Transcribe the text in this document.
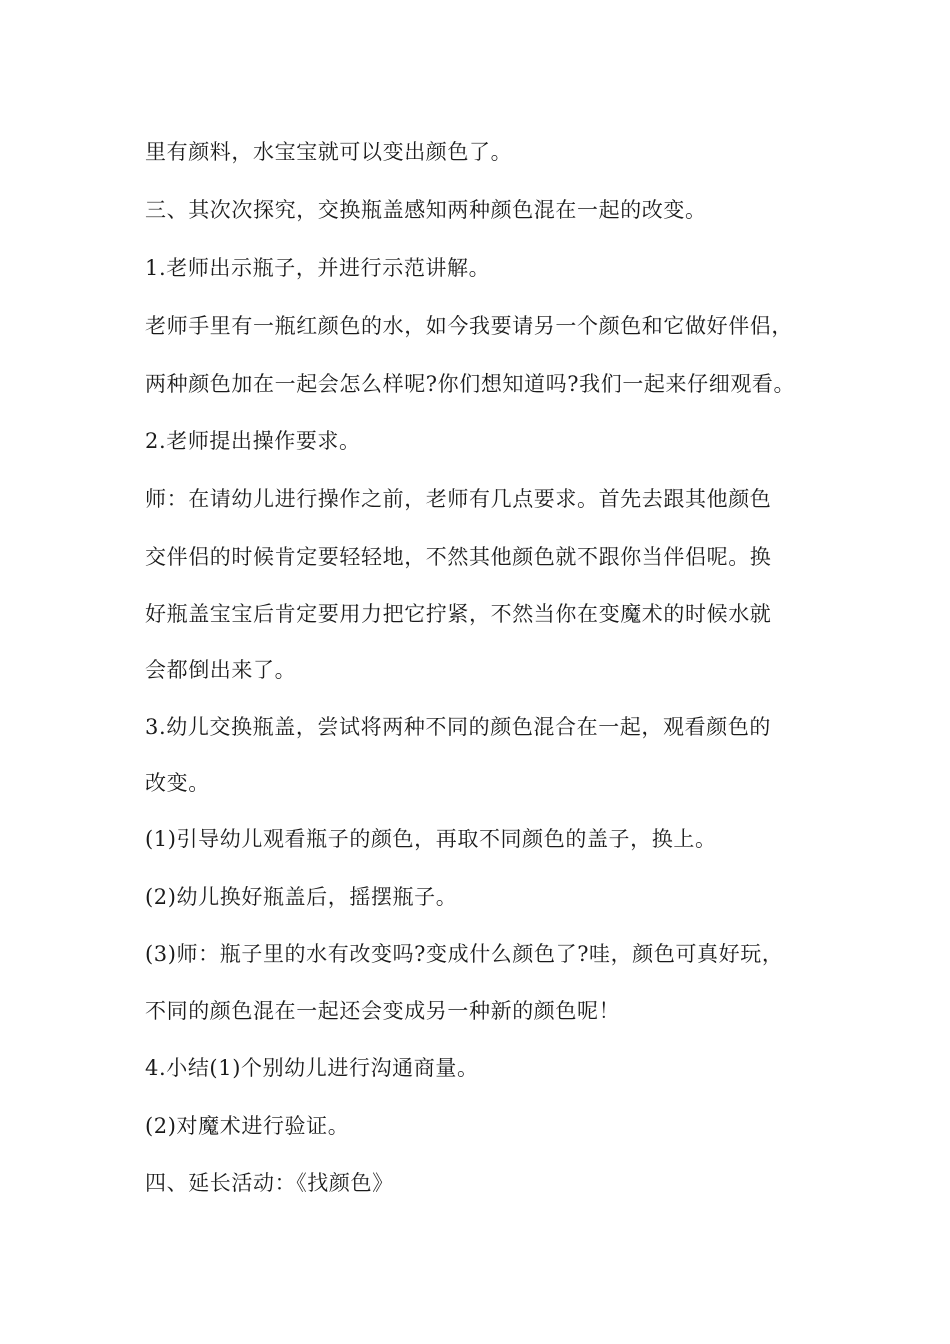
里有颜料，水宝宝就可以变出颜色了。

三、其次次探究，交换瓶盖感知两种颜色混在一起的改变。

1.老师出示瓶子，并进行示范讲解。

老师手里有一瓶红颜色的水，如今我要请另一个颜色和它做好伴侣，

两种颜色加在一起会怎么样呢?你们想知道吗?我们一起来仔细观看。

2.老师提出操作要求。

师：在请幼儿进行操作之前，老师有几点要求。首先去跟其他颜色

交伴侣的时候肯定要轻轻地，不然其他颜色就不跟你当伴侣呢。换

好瓶盖宝宝后肯定要用力把它拧紧，不然当你在变魔术的时候水就

会都倒出来了。

3.幼儿交换瓶盖，尝试将两种不同的颜色混合在一起，观看颜色的

改变。

(1)引导幼儿观看瓶子的颜色，再取不同颜色的盖子，换上。

(2)幼儿换好瓶盖后，摇摆瓶子。

(3)师：瓶子里的水有改变吗?变成什么颜色了?哇，颜色可真好玩，

不同的颜色混在一起还会变成另一种新的颜色呢！

4.小结(1)个别幼儿进行沟通商量。

(2)对魔术进行验证。

四、延长活动：《找颜色》
